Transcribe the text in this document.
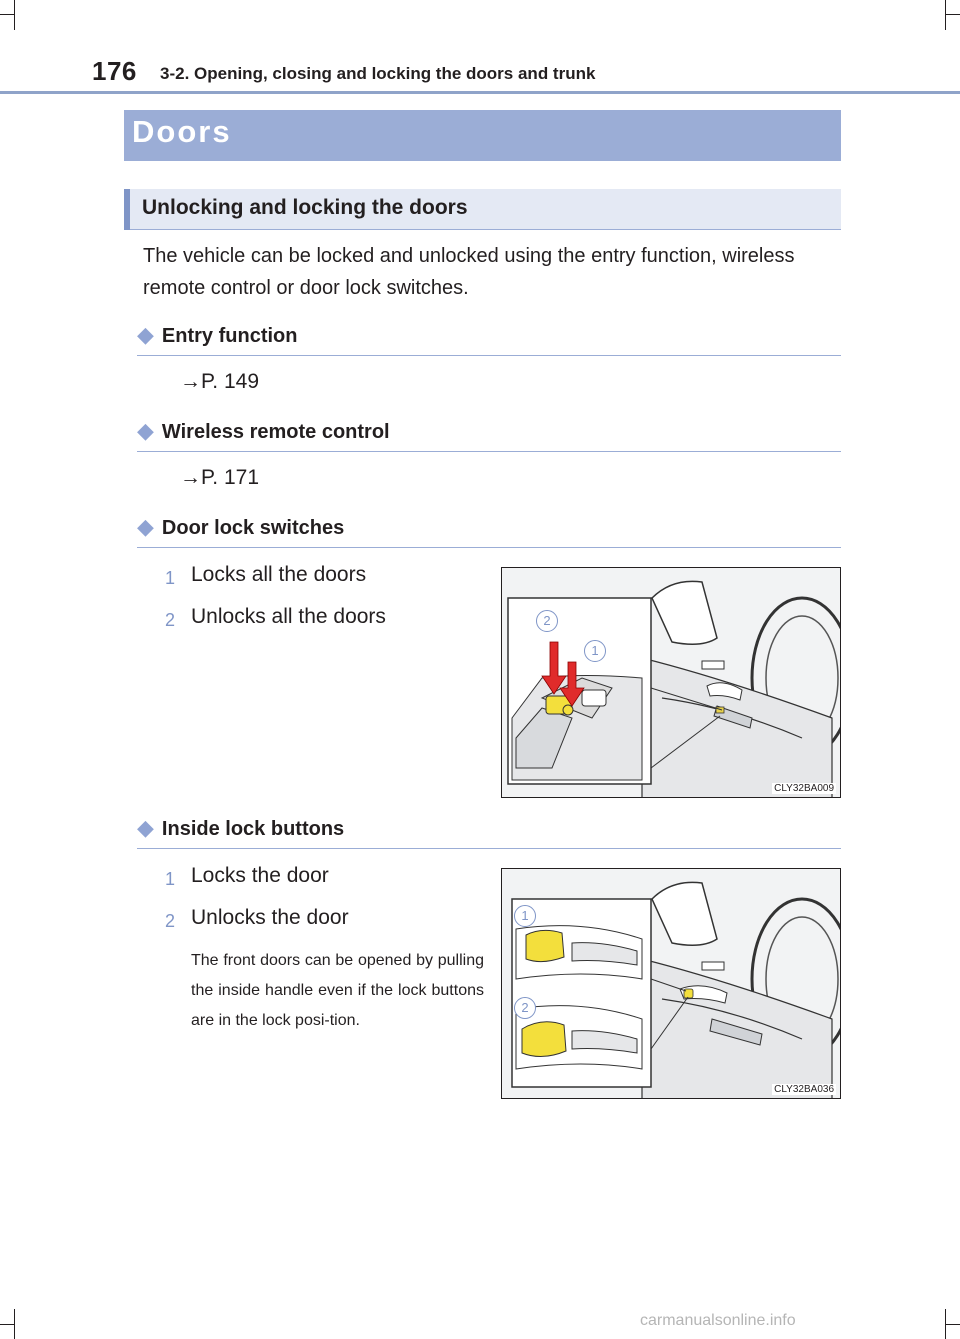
176 3-2. Opening, closing and locking the doors and trunk
Doors
Unlocking and locking the doors
The vehicle can be locked and unlocked using the entry function, wireless remote control or door lock switches.
◆ Entry function
→P. 149
◆ Wireless remote control
→P. 171
◆ Door lock switches
1 Locks all the doors
2 Unlocks all the doors	2
1
CLY32BA009
◆ Inside lock buttons
1 Locks the door
2 Unlocks the door
The front doors can be opened by pulling the inside handle even if the lock buttons are in the lock posi-tion.
1
2
CLY32BA036
carmanualsonline.info
